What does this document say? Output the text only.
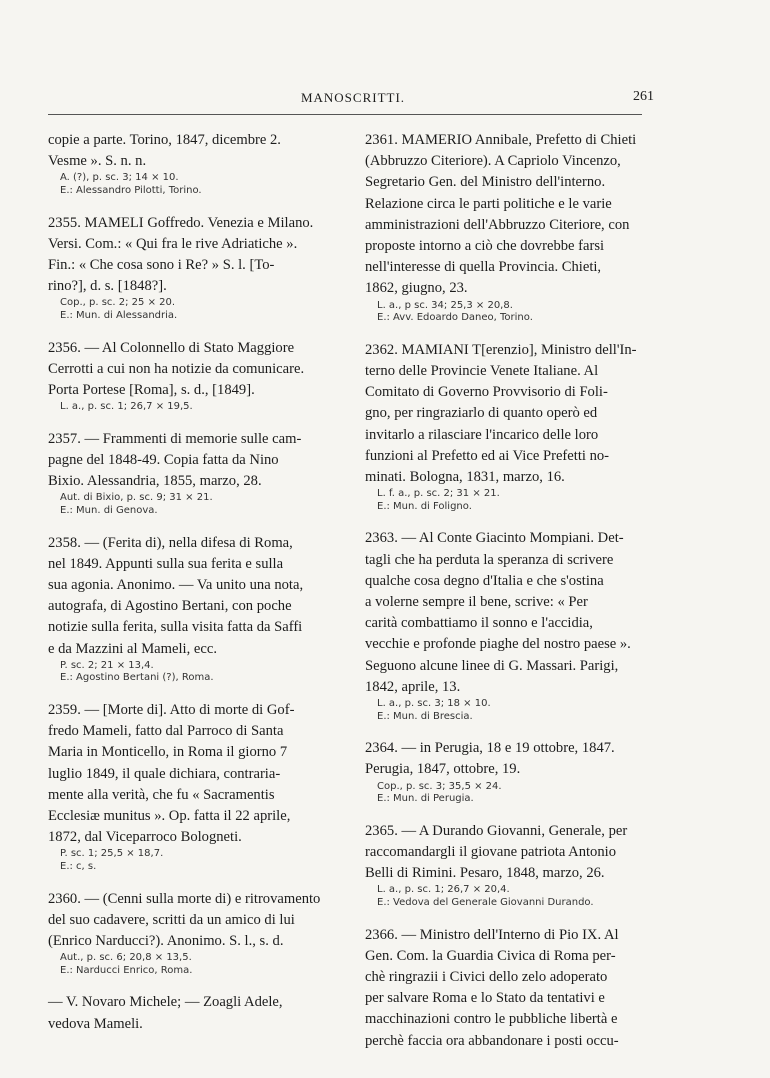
MANOSCRITTI.	261
copie a parte. Torino, 1847, dicembre 2.
Vesme ». S. n. n.
A. (?), p. sc. 3; 14 × 10.
E.: Alessandro Pilotti, Torino.
2355. MAMELI Goffredo. Venezia e Milano.
Versi. Com.: « Qui fra le rive Adriatiche ».
Fin.: « Che cosa sono i Re? » S. l. [To-
rino?], d. s. [1848?].
Cop., p. sc. 2; 25 × 20.
E.: Mun. di Alessandria.
2356. — Al Colonnello di Stato Maggiore
Cerrotti a cui non ha notizie da comunicare.
Porta Portese [Roma], s. d., [1849].
L. a., p. sc. 1; 26,7 × 19,5.
2357. — Frammenti di memorie sulle cam-
pagne del 1848-49. Copia fatta da Nino
Bixio. Alessandria, 1855, marzo, 28.
Aut. di Bixio, p. sc. 9; 31 × 21.
E.: Mun. di Genova.
2358. — (Ferita di), nella difesa di Roma,
nel 1849. Appunti sulla sua ferita e sulla
sua agonia. Anonimo. — Va unito una nota,
autografa, di Agostino Bertani, con poche
notizie sulla ferita, sulla visita fatta da Saffi
e da Mazzini al Mameli, ecc.
P. sc. 2; 21 × 13,4.
E.: Agostino Bertani (?), Roma.
2359. — [Morte di]. Atto di morte di Gof-
fredo Mameli, fatto dal Parroco di Santa
Maria in Monticello, in Roma il giorno 7
luglio 1849, il quale dichiara, contraria-
mente alla verità, che fu « Sacramentis
Ecclesiæ munitus ». Op. fatta il 22 aprile,
1872, dal Viceparroco Bologneti.
P. sc. 1; 25,5 × 18,7.
E.: c, s.
2360. — (Cenni sulla morte di) e ritrovamento
del suo cadavere, scritti da un amico di lui
(Enrico Narducci?). Anonimo. S. l., s. d.
Aut., p. sc. 6; 20,8 × 13,5.
E.: Narducci Enrico, Roma.
— V. Novaro Michele; — Zoagli Adele,
vedova Mameli.
2361. MAMERIO Annibale, Prefetto di Chieti
(Abbruzzo Citeriore). A Capriolo Vincenzo,
Segretario Gen. del Ministro dell'interno.
Relazione circa le parti politiche e le varie
amministrazioni dell'Abbruzzo Citeriore, con
proposte intorno a ciò che dovrebbe farsi
nell'interesse di quella Provincia. Chieti,
1862, giugno, 23.
L. a., p sc. 34; 25,3 × 20,8.
E.: Avv. Edoardo Daneo, Torino.
2362. MAMIANI T[erenzio], Ministro dell'In-
terno delle Provincie Venete Italiane. Al
Comitato di Governo Provvisorio di Foli-
gno, per ringraziarlo di quanto operò ed
invitarlo a rilasciare l'incarico delle loro
funzioni al Prefetto ed ai Vice Prefetti no-
minati. Bologna, 1831, marzo, 16.
L. f. a., p. sc. 2; 31 × 21.
E.: Mun. di Foligno.
2363. — Al Conte Giacinto Mompiani. Det-
tagli che ha perduta la speranza di scrivere
qualche cosa degno d'Italia e che s'ostina
a volerne sempre il bene, scrive: « Per
carità combattiamo il sonno e l'accidia,
vecchie e profonde piaghe del nostro paese ».
Seguono alcune linee di G. Massari. Parigi,
1842, aprile, 13.
L. a., p. sc. 3; 18 × 10.
E.: Mun. di Brescia.
2364. — in Perugia, 18 e 19 ottobre, 1847.
Perugia, 1847, ottobre, 19.
Cop., p. sc. 3; 35,5 × 24.
E.: Mun. di Perugia.
2365. — A Durando Giovanni, Generale, per
raccomandargli il giovane patriota Antonio
Belli di Rimini. Pesaro, 1848, marzo, 26.
L. a., p. sc. 1; 26,7 × 20,4.
E.: Vedova del Generale Giovanni Durando.
2366. — Ministro dell'Interno di Pio IX. Al
Gen. Com. la Guardia Civica di Roma per-
chè ringrazii i Civici dello zelo adoperato
per salvare Roma e lo Stato da tentativi e
macchinazioni contro le pubbliche libertà e
perchè faccia ora abbandonare i posti occu-
